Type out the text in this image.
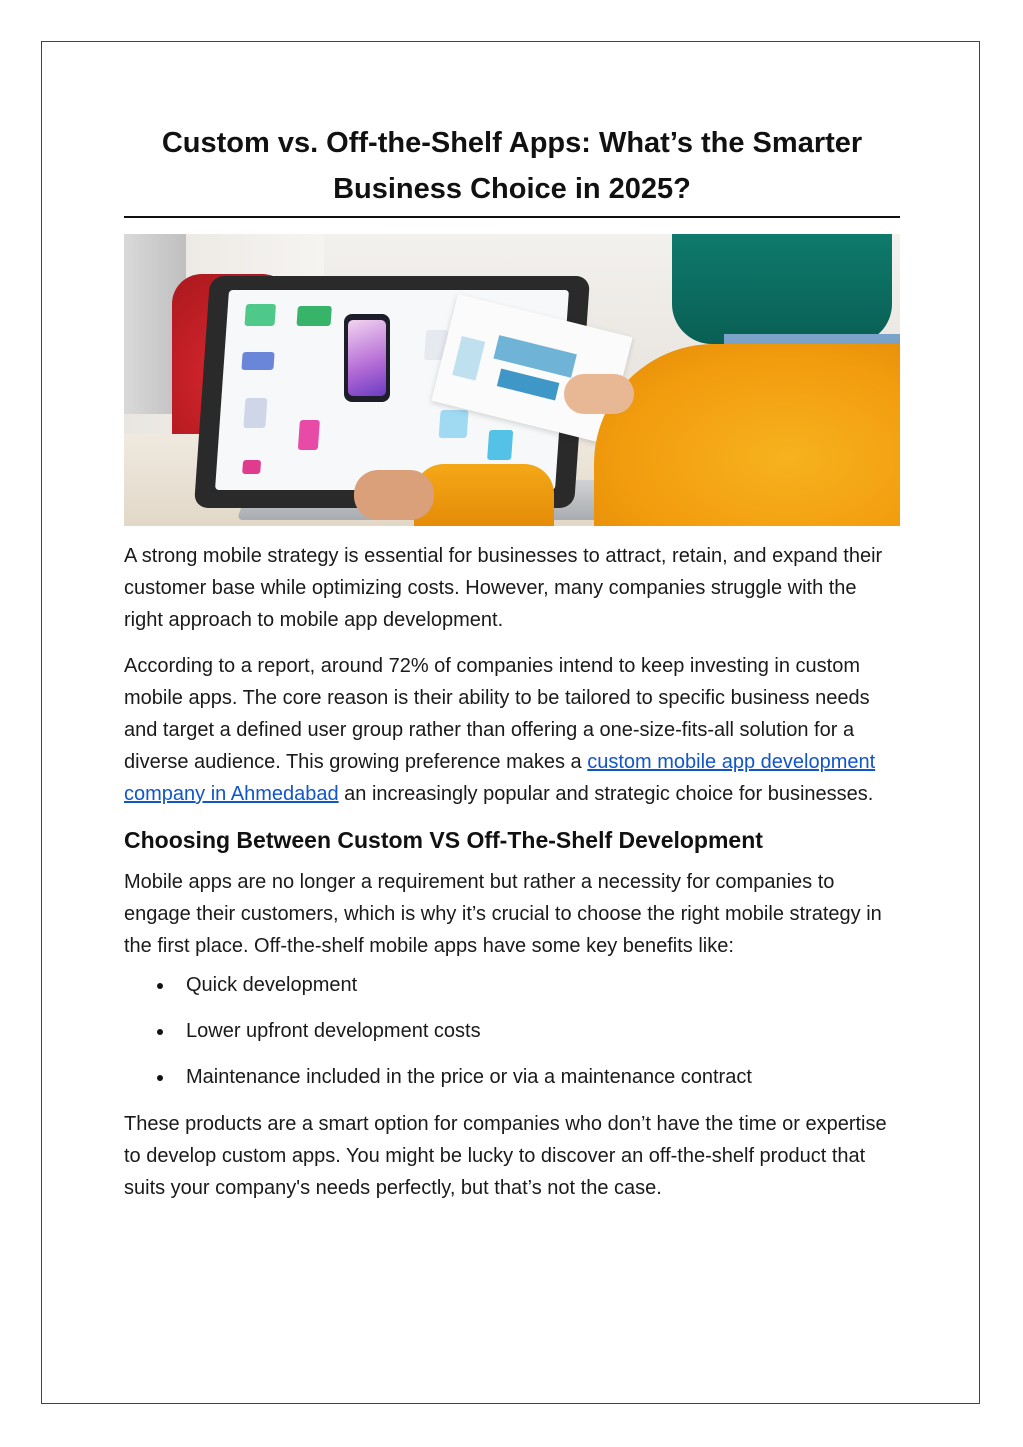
Custom vs. Off-the-Shelf Apps: What’s the Smarter
Business Choice in 2025?

A strong mobile strategy is essential for businesses to attract, retain, and expand their customer base while optimizing costs. However, many companies struggle with the right approach to mobile app development.

According to a report, around 72% of companies intend to keep investing in custom mobile apps. The core reason is their ability to be tailored to specific business needs and target a defined user group rather than offering a one-size-fits-all solution for a diverse audience. This growing preference makes a custom mobile app development company in Ahmedabad an increasingly popular and strategic choice for businesses.

Choosing Between Custom VS Off-The-Shelf Development

Mobile apps are no longer a requirement but rather a necessity for companies to engage their customers, which is why it’s crucial to choose the right mobile strategy in the first place. Off-the-shelf mobile apps have some key benefits like:

Quick development
Lower upfront development costs
Maintenance included in the price or via a maintenance contract

These products are a smart option for companies who don’t have the time or expertise to develop custom apps. You might be lucky to discover an off-the-shelf product that suits your company's needs perfectly, but that’s not the case.
